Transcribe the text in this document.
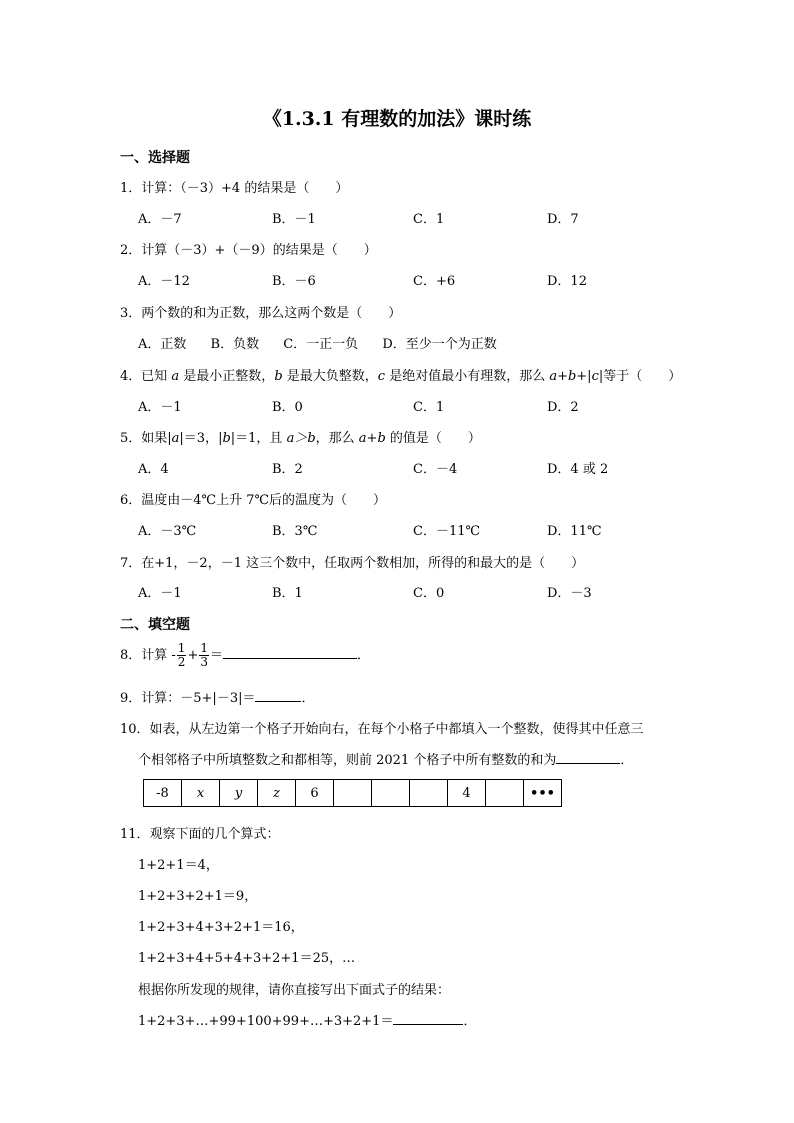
《1.3.1 有理数的加法》课时练
一、选择题
1．计算：（－3）+4 的结果是（　　）
A．－7	B．－1	C．1	D．7
2．计算（－3）+（－9）的结果是（　　）
A．－12	B．－6	C．+6	D．12
3．两个数的和为正数，那么这两个数是（　　）
A．正数 B．负数 C．一正一负 D．至少一个为正数
4．已知 a 是最小正整数，b 是最大负整数，c 是绝对值最小有理数，那么 a+b+|c|等于（　　）
A．－1	B．0	C．1	D．2
5．如果|a|＝3，|b|＝1，且 a＞b，那么 a+b 的值是（　　）
A．4	B．2	C．－4	D．4 或 2
6．温度由－4℃上升 7℃后的温度为（　　）
A．－3℃	B．3℃	C．－11℃	D．11℃
7．在+1，－2，－1 这三个数中，任取两个数相加，所得的和最大的是（　　）
A．－1	B．1	C．0	D．－3
二、填空题
8．计算 - $\frac{1}{2} + \frac{1}{3}$ ＝	．
9．计算：－5+|－3|＝	．
10．如表，从左边第一个格子开始向右，在每个小格子中都填入一个整数，使得其中任意三
个相邻格子中所填整数之和都相等，则前 2021 个格子中所有整数的和为	．
-8	x	y	z	6				4		•••
11．观察下面的几个算式：
1+2+1＝4，
1+2+3+2+1＝9，
1+2+3+4+3+2+1＝16，
1+2+3+4+5+4+3+2+1＝25，…
根据你所发现的规律，请你直接写出下面式子的结果：
1+2+3+…+99+100+99+…+3+2+1＝	．
